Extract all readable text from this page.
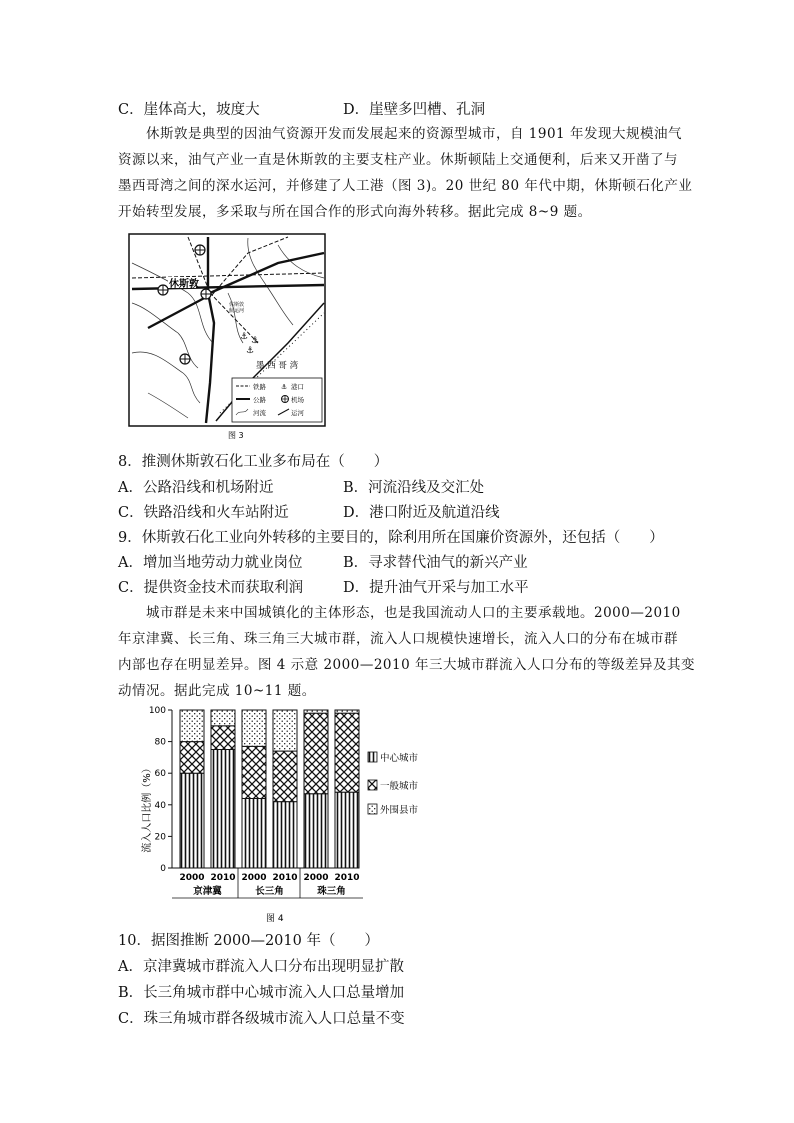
C．崖体高大，坡度大	D．崖壁多凹槽、孔洞
休斯敦是典型的因油气资源开发而发展起来的资源型城市，自 1901 年发现大规模油气
资源以来，油气产业一直是休斯敦的主要支柱产业。休斯顿陆上交通便利，后来又开凿了与
墨西哥湾之间的深水运河，并修建了人工港（图 3)。20 世纪 80 年代中期，休斯顿石化产业
开始转型发展，多采取与所在国合作的形式向海外转移。据此完成 8~9 题。
⚓ ⚓
⚓
休斯敦
休斯敦 航运河
墨 西 哥 湾
铁路 ⚓ 港口
公路	机场
河流	运河
图 3
8．推测休斯敦石化工业多布局在（　　）
A．公路沿线和机场附近	B．河流沿线及交汇处
C．铁路沿线和火车站附近	D．港口附近及航道沿线
9．休斯敦石化工业向外转移的主要目的，除利用所在国廉价资源外，还包括（　　）
A．增加当地劳动力就业岗位	B．寻求替代油气的新兴产业
C．提供资金技术而获取利润	D．提升油气开采与加工水平
城市群是未来中国城镇化的主体形态，也是我国流动人口的主要承载地。2000—2010
年京津冀、长三角、珠三角三大城市群，流入人口规模快速增长，流入人口的分布在城市群
内部也存在明显差异。图 4 示意 2000—2010 年三大城市群流入人口分布的等级差异及其变
动情况。据此完成 10~11 题。
0
20
40
60
80
100
2000 2010 2000 2010 2000 2010
京津冀	长三角	珠三角
中心城市
一般城市
外围县市
流入人口比例（%）
图 4
10．据图推断 2000—2010 年（　　）
A．京津冀城市群流入人口分布出现明显扩散
B．长三角城市群中心城市流入人口总量增加
C．珠三角城市群各级城市流入人口总量不变
